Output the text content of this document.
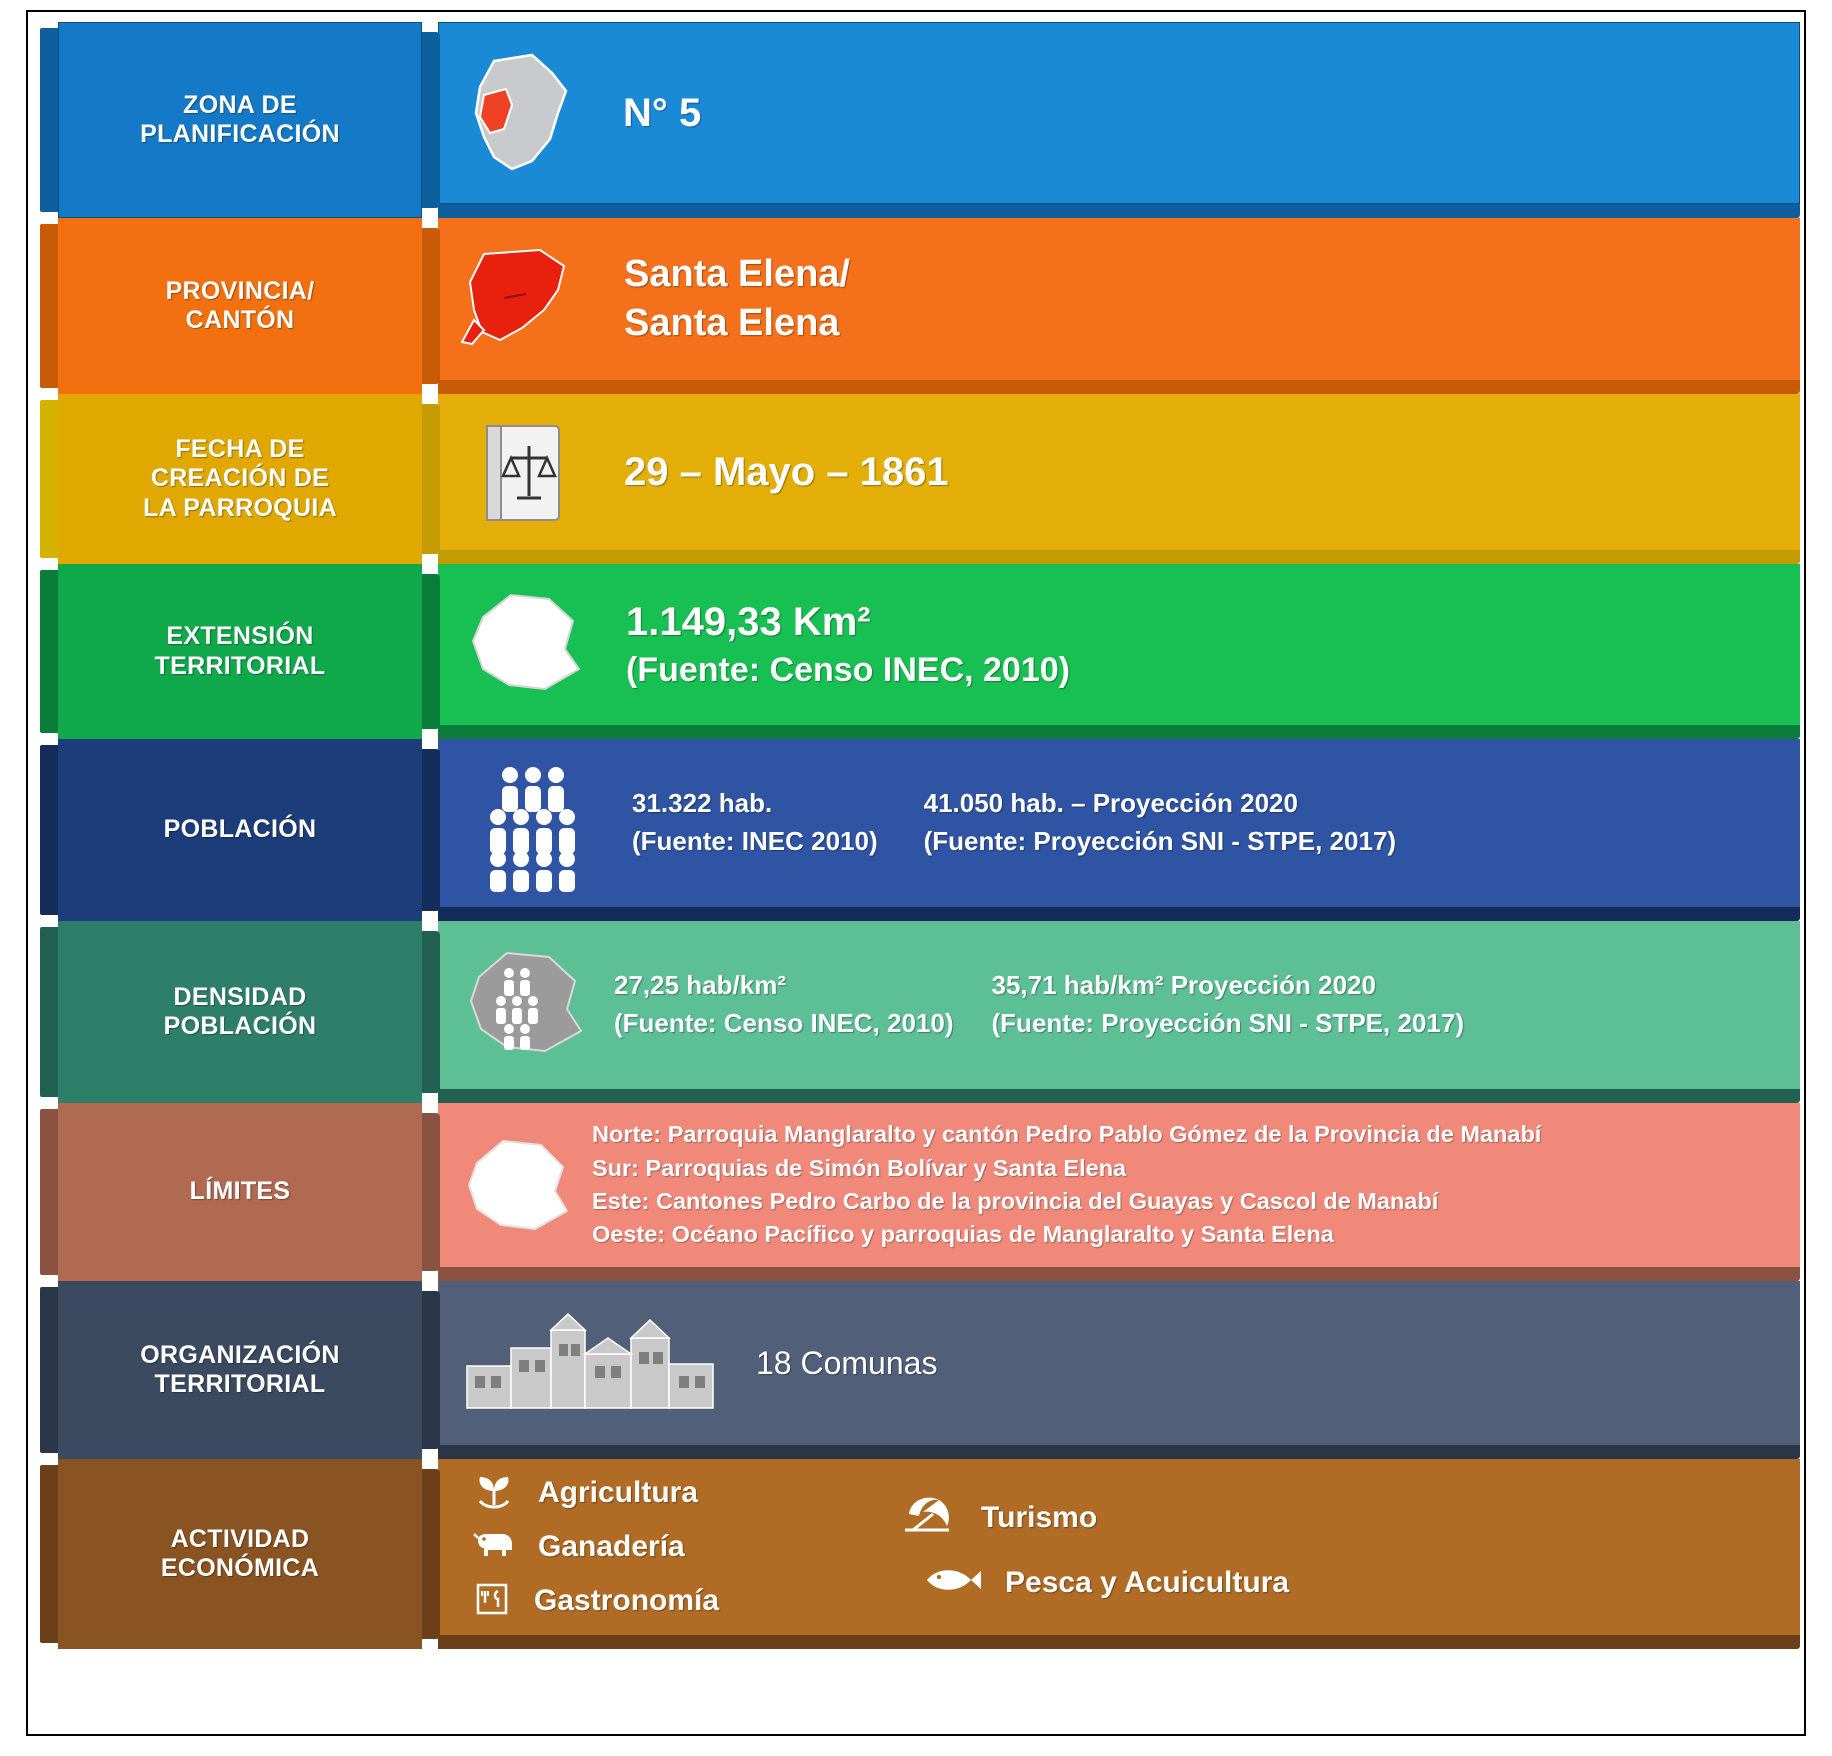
N° 5
ZONA DE
PLANIFICACIÓN
Santa Elena/
Santa Elena
PROVINCIA/
CANTÓN
29 – Mayo – 1861
FECHA DE
CREACIÓN DE
LA PARROQUIA
1.149,33 Km²
(Fuente: Censo INEC, 2010)
EXTENSIÓN
TERRITORIAL
31.322 hab.
(Fuente: INEC 2010)
41.050 hab. – Proyección 2020
(Fuente: Proyección SNI - STPE, 2017)
POBLACIÓN
27,25 hab/km²
(Fuente: Censo INEC, 2010)
35,71 hab/km² Proyección 2020
(Fuente: Proyección SNI - STPE, 2017)
DENSIDAD
POBLACIÓN
Norte: Parroquia Manglaralto y cantón Pedro Pablo Gómez de la Provincia de Manabí
Sur: Parroquias de Simón Bolívar y Santa Elena
Este: Cantones Pedro Carbo de la provincia del Guayas y Cascol de Manabí
Oeste: Océano Pacífico y parroquias de Manglaralto y Santa Elena
LÍMITES
18 Comunas
ORGANIZACIÓN
TERRITORIAL
Agricultura
Ganadería
Gastronomía
Turismo
Pesca y Acuicultura
ACTIVIDAD
ECONÓMICA
